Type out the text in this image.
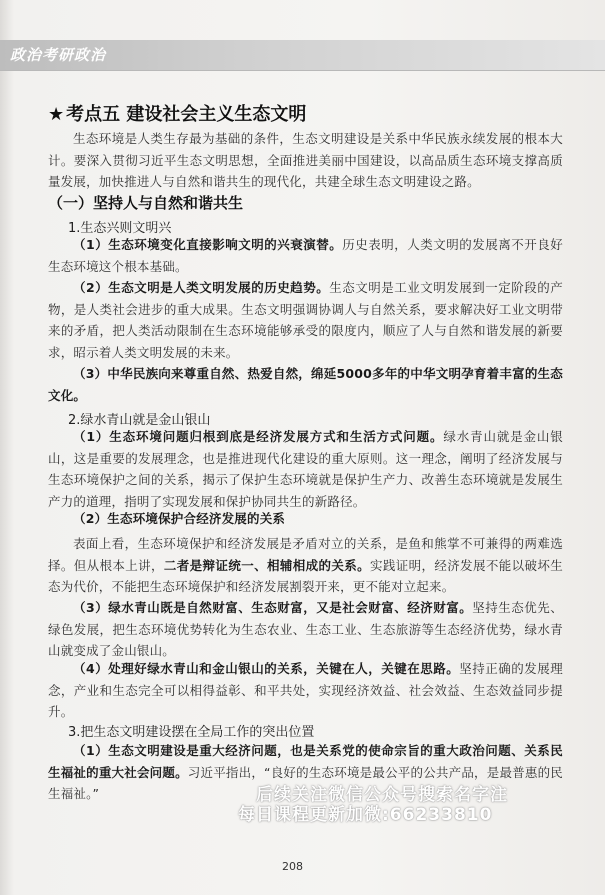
政治考研政治
★ 考点五 建设社会主义生态文明
生态环境是人类生存最为基础的条件，生态文明建设是关系中华民族永续发展的根本大计。要深入贯彻习近平生态文明思想，全面推进美丽中国建设，以高品质生态环境支撑高质量发展，加快推进人与自然和谐共生的现代化，共建全球生态文明建设之路。
（一）坚持人与自然和谐共生
1.生态兴则文明兴
（1）生态环境变化直接影响文明的兴衰演替。历史表明，人类文明的发展离不开良好生态环境这个根本基础。
（2）生态文明是人类文明发展的历史趋势。生态文明是工业文明发展到一定阶段的产物，是人类社会进步的重大成果。生态文明强调协调人与自然关系，要求解决好工业文明带来的矛盾，把人类活动限制在生态环境能够承受的限度内，顺应了人与自然和谐发展的新要求，昭示着人类文明发展的未来。
（3）中华民族向来尊重自然、热爱自然，绵延5000多年的中华文明孕育着丰富的生态文化。
2.绿水青山就是金山银山
（1）生态环境问题归根到底是经济发展方式和生活方式问题。绿水青山就是金山银山，这是重要的发展理念，也是推进现代化建设的重大原则。这一理念，阐明了经济发展与生态环境保护之间的关系，揭示了保护生态环境就是保护生产力、改善生态环境就是发展生产力的道理，指明了实现发展和保护协同共生的新路径。
（2）生态环境保护合经济发展的关系
表面上看，生态环境保护和经济发展是矛盾对立的关系，是鱼和熊掌不可兼得的两难选择。但从根本上讲，二者是辩证统一、相辅相成的关系。实践证明，经济发展不能以破坏生态为代价，不能把生态环境保护和经济发展割裂开来，更不能对立起来。
（3）绿水青山既是自然财富、生态财富，又是社会财富、经济财富。坚持生态优先、绿色发展，把生态环境优势转化为生态农业、生态工业、生态旅游等生态经济优势，绿水青山就变成了金山银山。
（4）处理好绿水青山和金山银山的关系，关键在人，关键在思路。坚持正确的发展理念，产业和生态完全可以相得益彰、和平共处，实现经济效益、社会效益、生态效益同步提升。
3.把生态文明建设摆在全局工作的突出位置
（1）生态文明建设是重大经济问题，也是关系党的使命宗旨的重大政治问题、关系民生福祉的重大社会问题。习近平指出，“良好的生态环境是最公平的公共产品，是最普惠的民生福祉。”	后续关注微信公众号搜索名字注
每日课程更新加微:66233810
208
